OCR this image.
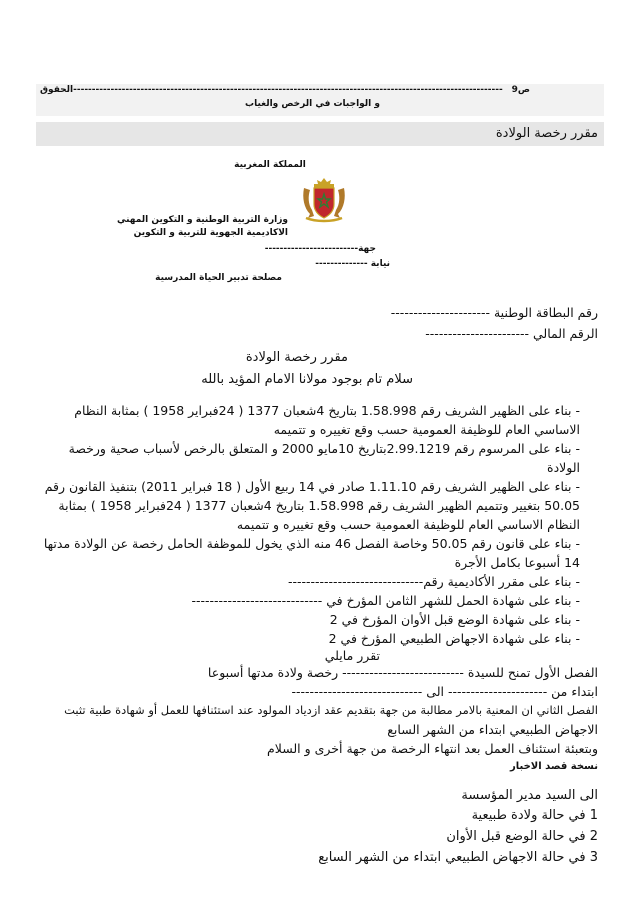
ص9
-------------------------------------------------------------------------------------------------------------------الحقوق
و الواجبات في الرخص والغياب
مقرر رخصة الولادة
المملكة المغربية
وزارة التربية الوطنية و التكوين المهني
الاكاديمية الجهوية للتربية و التكوين
جهة-------------------------
نيابة --------------
مصلحة تدبير الحياة المدرسية
رقم البطاقة الوطنية ----------------------
الرقم المالي -----------------------
مقرر رخصة الولادة
سلام تام بوجود مولانا الامام المؤيد بالله
- بناء على الظهير الشريف رقم 1.58.998 بتاريخ 4شعبان 1377 ( 24فبراير 1958 ) بمثابة النظام
الاساسي العام للوظيفة العمومية حسب وقع تغييره و تتميمه
- بناء على المرسوم رقم 2.99.1219بتاريخ 10مايو 2000 و المتعلق بالرخص لأسباب صحية ورخصة
الولادة
- بناء على الظهير الشريف رقم 1.11.10 صادر في 14 ربيع الأول ( 18 فبراير 2011) بتنفيذ القانون رقم
50.05 بتغيير وتتميم الظهير الشريف رقم 1.58.998 بتاريخ 4شعبان 1377 ( 24فبراير 1958 ) بمثابة
النظام الاساسي العام للوظيفة العمومية حسب وقع تغييره و تتميمه
- بناء على قانون رقم 50.05 وخاصة الفصل 46 منه الذي يخول للموظفة الحامل رخصة عن الولادة مدتها
14 أسبوعا بكامل الأجرة
- بناء على مقرر الأكاديمية رقم------------------------------
- بناء على شهادة الحمل للشهر الثامن المؤرخ في -----------------------------
- بناء على شهادة الوضع قبل الأوان المؤرخ في 2
- بناء على شهادة الاجهاض الطبيعي المؤرخ في 2
تقرر مايلي
الفصل الأول تمنح للسيدة --------------------------- رخصة ولادة مدتها أسبوعا
ابتداء من ---------------------- الى -----------------------------
الفصل الثاني ان المعنية بالامر مطالبة من جهة بتقديم عقد ازدياد المولود عند استئنافها للعمل أو شهادة طبية تثبت
الاجهاض الطبيعي ابتداء من الشهر السابع
وبتعبئة استئناف العمل بعد انتهاء الرخصة من جهة أخرى و السلام
نسخة قصد الاخبار
الى السيد مدير المؤسسة
1 في حالة ولادة طبيعية
2 في حالة الوضع قبل الأوان
3 في حالة الاجهاض الطبيعي ابتداء من الشهر السابع
